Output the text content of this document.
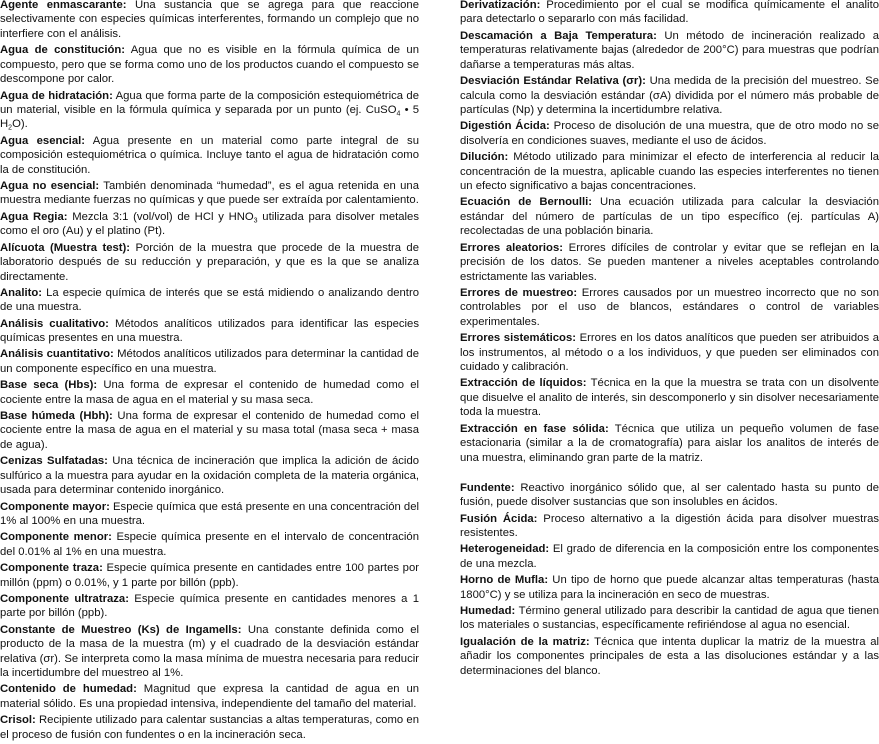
Agente enmascarante: Una sustancia que se agrega para que reaccione selectivamente con especies químicas interferentes, formando un complejo que no interfiere con el análisis.

Agua de constitución: Agua que no es visible en la fórmula química de un compuesto, pero que se forma como uno de los productos cuando el compuesto se descompone por calor.

Agua de hidratación: Agua que forma parte de la composición estequiométrica de un material, visible en la fórmula química y separada por un punto (ej. CuSO$_4$ • 5 $H_2O$).

Agua esencial: Agua presente en un material como parte integral de su composición estequiométrica o química. Incluye tanto el agua de hidratación como la de constitución.

Agua no esencial: También denominada “humedad”, es el agua retenida en una muestra mediante fuerzas no químicas y que puede ser extraída por calentamiento.

Agua Regia: Mezcla 3:1 (vol/vol) de HCl y $HNO_3$ utilizada para disolver metales como el oro (Au) y el platino (Pt).

Alícuota (Muestra test): Porción de la muestra que procede de la muestra de laboratorio después de su reducción y preparación, y que es la que se analiza directamente.

Analito: La especie química de interés que se está midiendo o analizando dentro de una muestra.

Análisis cualitativo: Métodos analíticos utilizados para identificar las especies químicas presentes en una muestra.

Análisis cuantitativo: Métodos analíticos utilizados para determinar la cantidad de un componente específico en una muestra.

Base seca (Hbs): Una forma de expresar el contenido de humedad como el cociente entre la masa de agua en el material y su masa seca.

Base húmeda (Hbh): Una forma de expresar el contenido de humedad como el cociente entre la masa de agua en el material y su masa total (masa seca + masa de agua).

Cenizas Sulfatadas: Una técnica de incineración que implica la adición de ácido sulfúrico a la muestra para ayudar en la oxidación completa de la materia orgánica, usada para determinar contenido inorgánico.

Componente mayor: Especie química que está presente en una concentración del 1% al 100% en una muestra.

Componente menor: Especie química presente en el intervalo de concentración del 0.01% al 1% en una muestra.

Componente traza: Especie química presente en cantidades entre 100 partes por millón (ppm) o 0.01%, y 1 parte por billón (ppb).

Componente ultratraza: Especie química presente en cantidades menores a 1 parte por billón (ppb).

Constante de Muestreo (Ks) de Ingamells: Una constante definida como el producto de la masa de la muestra (m) y el cuadrado de la desviación estándar relativa (σr). Se interpreta como la masa mínima de muestra necesaria para reducir la incertidumbre del muestreo al 1%.

Contenido de humedad: Magnitud que expresa la cantidad de agua en un material sólido. Es una propiedad intensiva, independiente del tamaño del material.

Crisol: Recipiente utilizado para calentar sustancias a altas temperaturas, como en el proceso de fusión con fundentes o en la incineración seca.

Derivatización: Procedimiento por el cual se modifica químicamente el analito para detectarlo o separarlo con más facilidad.

Descamación a Baja Temperatura: Un método de incineración realizado a temperaturas relativamente bajas (alrededor de 200°C) para muestras que podrían dañarse a temperaturas más altas.

Desviación Estándar Relativa (σr): Una medida de la precisión del muestreo. Se calcula como la desviación estándar (σA) dividida por el número más probable de partículas (Np) y determina la incertidumbre relativa.

Digestión Ácida: Proceso de disolución de una muestra, que de otro modo no se disolvería en condiciones suaves, mediante el uso de ácidos.

Dilución: Método utilizado para minimizar el efecto de interferencia al reducir la concentración de la muestra, aplicable cuando las especies interferentes no tienen un efecto significativo a bajas concentraciones.

Ecuación de Bernoulli: Una ecuación utilizada para calcular la desviación estándar del número de partículas de un tipo específico (ej. partículas A) recolectadas de una población binaria.

Errores aleatorios: Errores difíciles de controlar y evitar que se reflejan en la precisión de los datos. Se pueden mantener a niveles aceptables controlando estrictamente las variables.

Errores de muestreo: Errores causados por un muestreo incorrecto que no son controlables por el uso de blancos, estándares o control de variables experimentales.

Errores sistemáticos: Errores en los datos analíticos que pueden ser atribuidos a los instrumentos, al método o a los individuos, y que pueden ser eliminados con cuidado y calibración.

Extracción de líquidos: Técnica en la que la muestra se trata con un disolvente que disuelve el analito de interés, sin descomponerlo y sin disolver necesariamente toda la muestra.

Extracción en fase sólida: Técnica que utiliza un pequeño volumen de fase estacionaria (similar a la de cromatografía) para aislar los analitos de interés de una muestra, eliminando gran parte de la matriz.

Fundente: Reactivo inorgánico sólido que, al ser calentado hasta su punto de fusión, puede disolver sustancias que son insolubles en ácidos.

Fusión Ácida: Proceso alternativo a la digestión ácida para disolver muestras resistentes.

Heterogeneidad: El grado de diferencia en la composición entre los componentes de una mezcla.

Horno de Mufla: Un tipo de horno que puede alcanzar altas temperaturas (hasta 1800°C) y se utiliza para la incineración en seco de muestras.

Humedad: Término general utilizado para describir la cantidad de agua que tienen los materiales o sustancias, específicamente refiriéndose al agua no esencial.

Igualación de la matriz: Técnica que intenta duplicar la matriz de la muestra al añadir los componentes principales de esta a las disoluciones estándar y a las determinaciones del blanco.
